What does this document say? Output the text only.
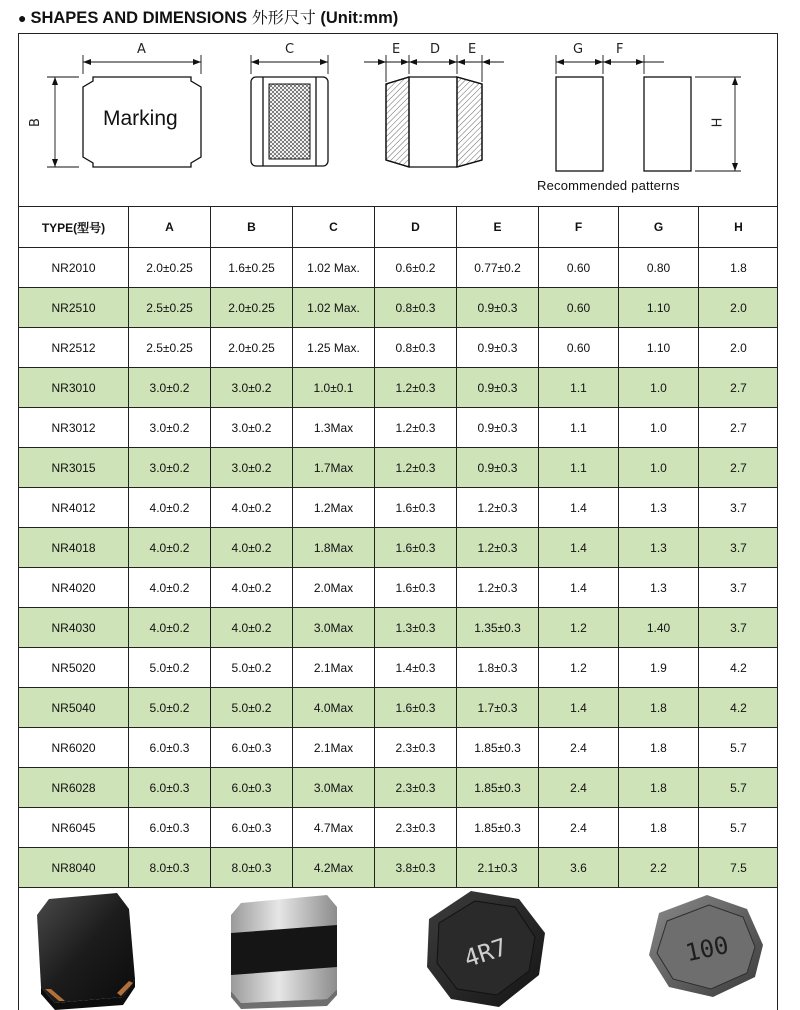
● SHAPES AND DIMENSIONS 外形尺寸 (Unit:mm)
Marking
Recommended patterns
A	C	E D E	G	F
B	H
TYPE(型号)	A	B	C	D	E	F	G	H
NR2010	2.0±0.25	1.6±0.25	1.02 Max.	0.6±0.2	0.77±0.2	0.60	0.80	1.8
NR2510	2.5±0.25	2.0±0.25	1.02 Max.	0.8±0.3	0.9±0.3	0.60	1.10	2.0
NR2512	2.5±0.25	2.0±0.25	1.25 Max.	0.8±0.3	0.9±0.3	0.60	1.10	2.0
NR3010	3.0±0.2	3.0±0.2	1.0±0.1	1.2±0.3	0.9±0.3	1.1	1.0	2.7
NR3012	3.0±0.2	3.0±0.2	1.3Max	1.2±0.3	0.9±0.3	1.1	1.0	2.7
NR3015	3.0±0.2	3.0±0.2	1.7Max	1.2±0.3	0.9±0.3	1.1	1.0	2.7
NR4012	4.0±0.2	4.0±0.2	1.2Max	1.6±0.3	1.2±0.3	1.4	1.3	3.7
NR4018	4.0±0.2	4.0±0.2	1.8Max	1.6±0.3	1.2±0.3	1.4	1.3	3.7
NR4020	4.0±0.2	4.0±0.2	2.0Max	1.6±0.3	1.2±0.3	1.4	1.3	3.7
NR4030	4.0±0.2	4.0±0.2	3.0Max	1.3±0.3	1.35±0.3	1.2	1.40	3.7
NR5020	5.0±0.2	5.0±0.2	2.1Max	1.4±0.3	1.8±0.3	1.2	1.9	4.2
NR5040	5.0±0.2	5.0±0.2	4.0Max	1.6±0.3	1.7±0.3	1.4	1.8	4.2
NR6020	6.0±0.3	6.0±0.3	2.1Max	2.3±0.3	1.85±0.3	2.4	1.8	5.7
NR6028	6.0±0.3	6.0±0.3	3.0Max	2.3±0.3	1.85±0.3	2.4	1.8	5.7
NR6045	6.0±0.3	6.0±0.3	4.7Max	2.3±0.3	1.85±0.3	2.4	1.8	5.7
NR8040	8.0±0.3	8.0±0.3	4.2Max	3.8±0.3	2.1±0.3	3.6	2.2	7.5
4R7	100
